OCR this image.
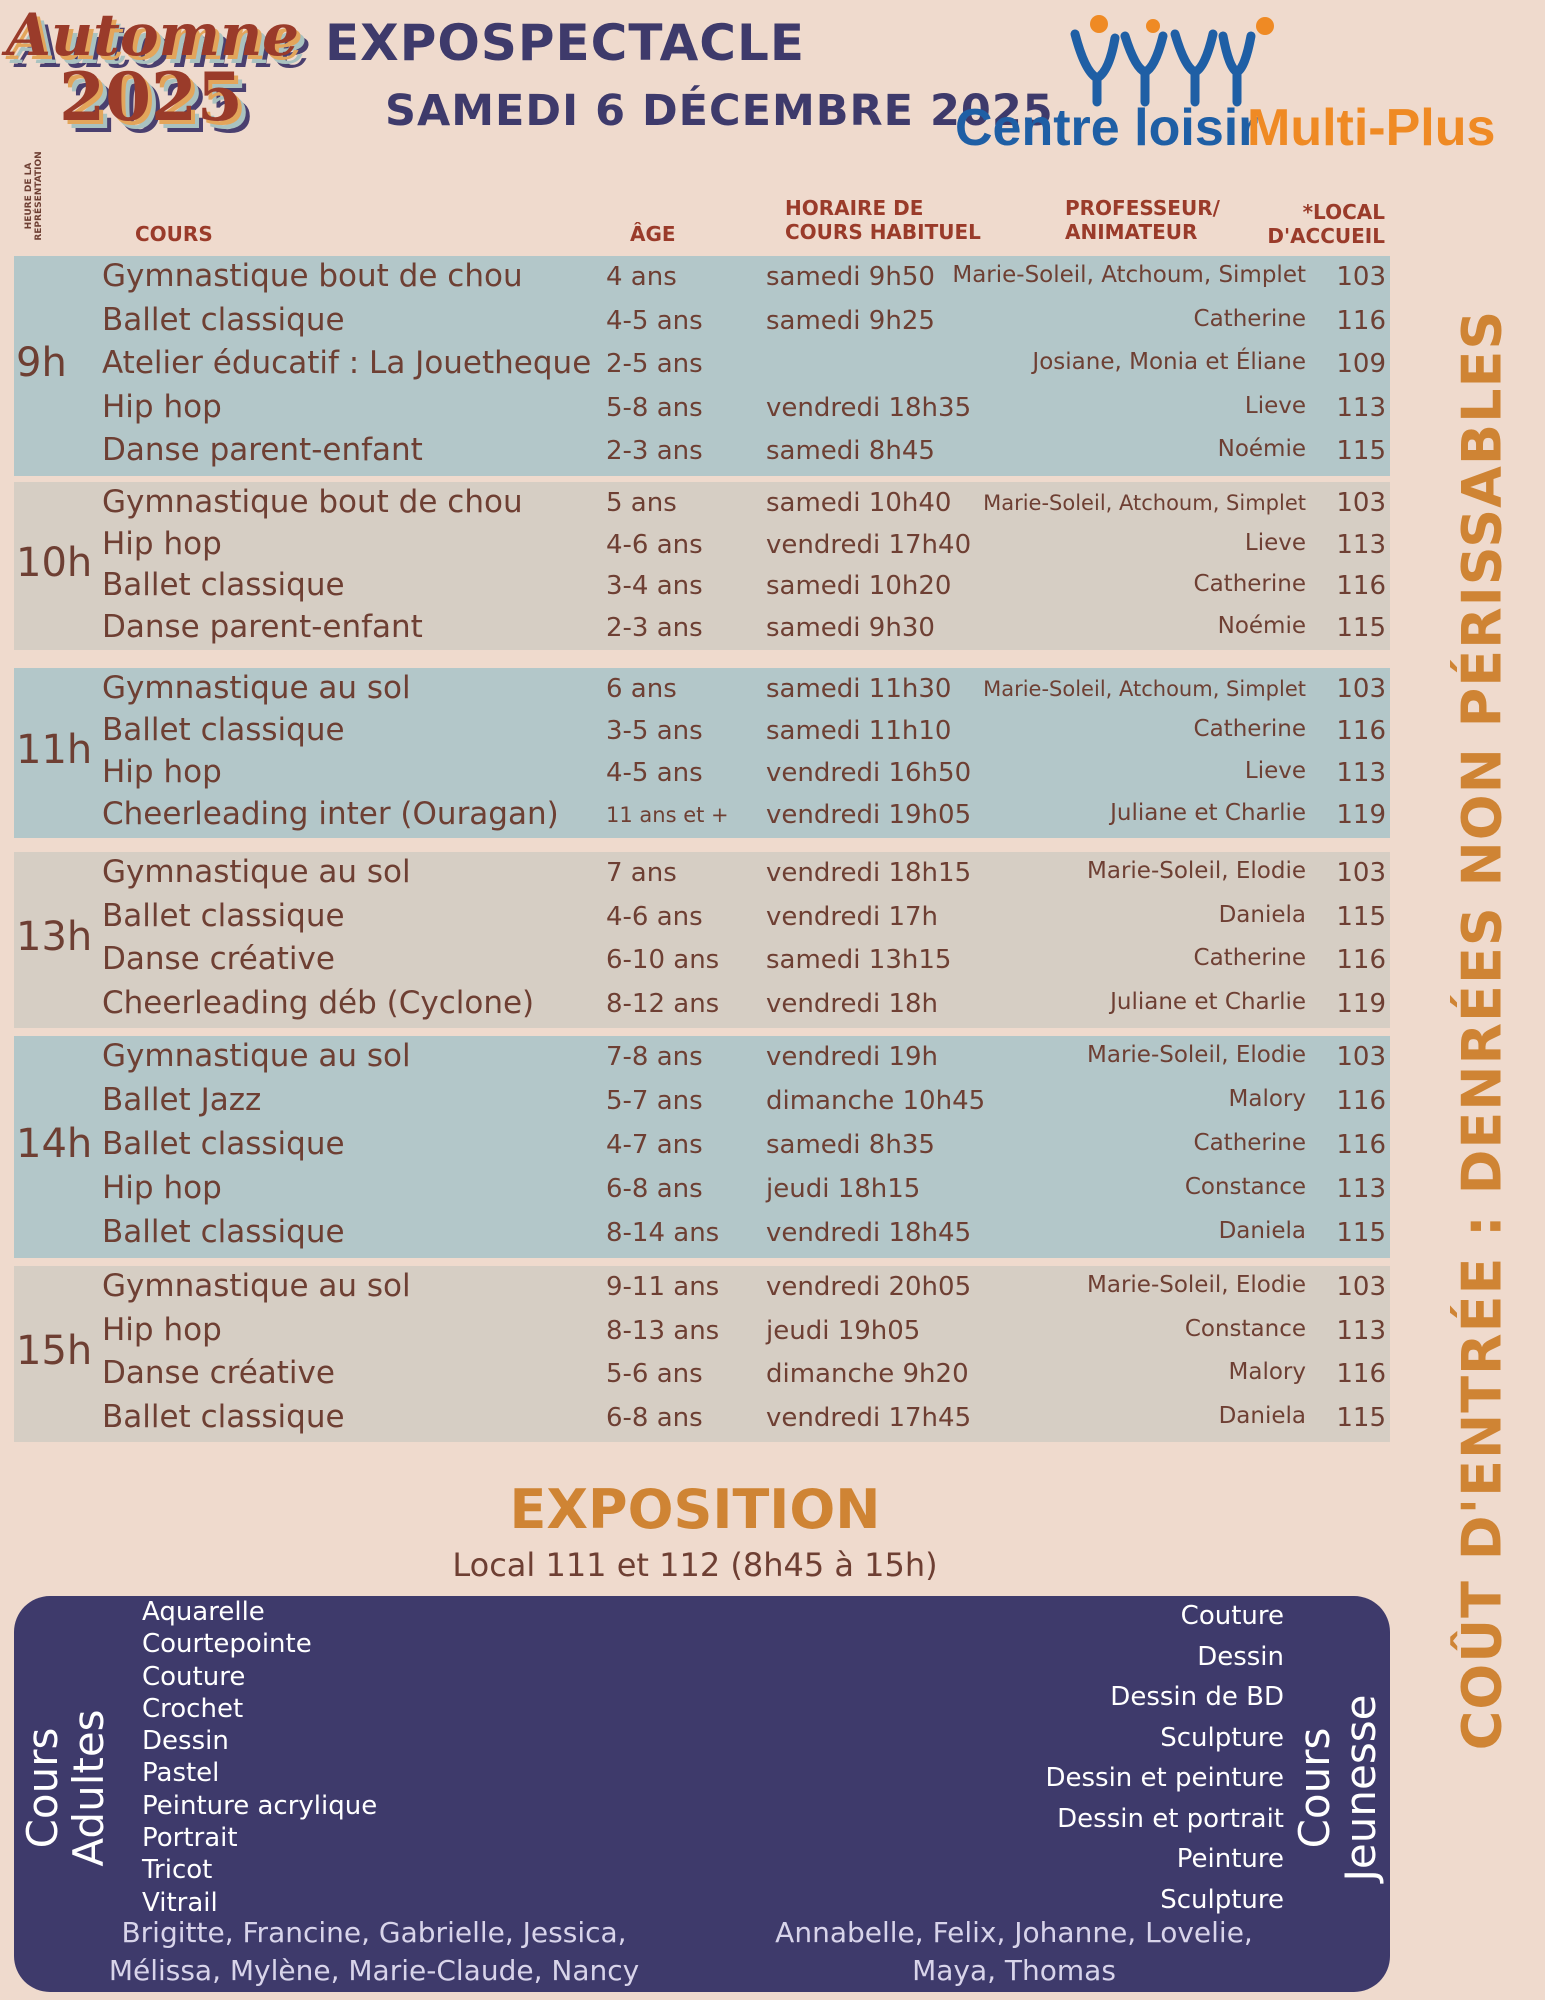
Automne
2025
EXPOSPECTACLE
SAMEDI 6 DÉCEMBRE 2025
Centre loisir
Multi-Plus
HEURE DE LA REPRÉSENTATION	COURS	ÂGE
HORAIRE DE COURS HABITUEL
PROFESSEUR/ ANIMATEUR
*LOCAL D'ACCUEIL
9h
Gymnastique bout de chou	4 ans	samedi 9h50 Marie-Soleil, Atchoum, Simplet 103
Ballet classique	4-5 ans samedi 9h25	Catherine 116
Atelier éducatif : La Jouetheque 2-5 ans	Josiane, Monia et Éliane 109
Hip hop	5-8 ans vendredi 18h35	Lieve 113
Danse parent-enfant	2-3 ans samedi 8h45	Noémie 115
10h
Gymnastique bout de chou	5 ans	samedi 10h40 Marie-Soleil, Atchoum, Simplet 103
Hip hop	4-6 ans vendredi 17h40	Lieve 113
Ballet classique	3-4 ans samedi 10h20	Catherine 116
Danse parent-enfant	2-3 ans samedi 9h30	Noémie 115
11h
Gymnastique au sol	6 ans	samedi 11h30 Marie-Soleil, Atchoum, Simplet 103
Ballet classique	3-5 ans samedi 11h10	Catherine 116
Hip hop	4-5 ans vendredi 16h50	Lieve 113
Cheerleading inter (Ouragan) 11 ans et + vendredi 19h05	Juliane et Charlie 119
13h
Gymnastique au sol	7 ans	vendredi 18h15	Marie-Soleil, Elodie 103
Ballet classique	4-6 ans vendredi 17h	Daniela 115
Danse créative	6-10 ans samedi 13h15	Catherine 116
Cheerleading déb (Cyclone)	8-12 ans vendredi 18h	Juliane et Charlie 119
14h
Gymnastique au sol	7-8 ans vendredi 19h	Marie-Soleil, Elodie 103
Ballet Jazz	5-7 ans dimanche 10h45	Malory 116
Ballet classique	4-7 ans samedi 8h35	Catherine 116
Hip hop	6-8 ans jeudi 18h15	Constance 113
Ballet classique	8-14 ans vendredi 18h45	Daniela 115
15h
Gymnastique au sol	9-11 ans vendredi 20h05	Marie-Soleil, Elodie 103
Hip hop	8-13 ans jeudi 19h05	Constance 113
Danse créative	5-6 ans dimanche 9h20	Malory 116
Ballet classique	6-8 ans vendredi 17h45	Daniela 115 COÛT D'ENTRÉE : DENRÉES NON PÉRISSABLES
EXPOSITION
Local 111 et 112 (8h45 à 15h)
Cours
Adultes
Aquarelle
Courtepointe
Couture
Crochet
Dessin
Pastel
Peinture acrylique
Portrait
Tricot
Vitrail
Brigitte, Francine, Gabrielle, Jessica,
Mélissa, Mylène, Marie-Claude, Nancy
Couture
Dessin
Dessin de BD
Sculpture
Dessin et peinture
Dessin et portrait
Peinture
Sculpture
Cours
Jeunesse
Annabelle, Felix, Johanne, Lovelie,
Maya, Thomas
